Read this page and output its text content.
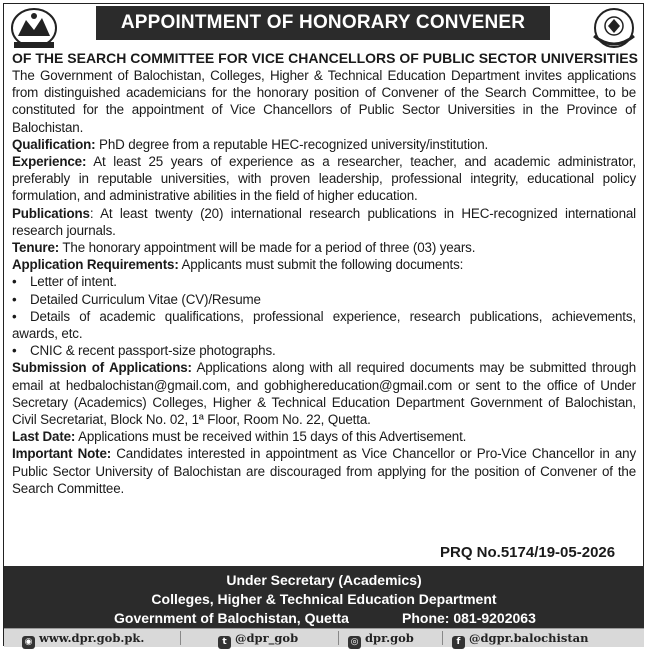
APPOINTMENT OF HONORARY CONVENER
OF THE SEARCH COMMITTEE FOR VICE CHANCELLORS OF PUBLIC SECTOR UNIVERSITIES

The Government of Balochistan, Colleges, Higher & Technical Education Department invites applications from distinguished academicians for the honorary position of Convener of the Search Committee, to be constituted for the appointment of Vice Chancellors of Public Sector Universities in the Province of Balochistan.

Qualification: PhD degree from a reputable HEC-recognized university/institution.

Experience: At least 25 years of experience as a researcher, teacher, and academic administrator, preferably in reputable universities, with proven leadership, professional integrity, educational policy formulation, and administrative abilities in the field of higher education.

Publications: At least twenty (20) international research publications in HEC-recognized international research journals.

Tenure: The honorary appointment will be made for a period of three (03) years.

Application Requirements: Applicants must submit the following documents:

• Letter of intent.

• Detailed Curriculum Vitae (CV)/Resume

• Details of academic qualifications, professional experience, research publications, achievements, awards, etc.

• CNIC & recent passport-size photographs.

Submission of Applications: Applications along with all required documents may be submitted through email at hedbalochistan@gmail.com, and gobhighereducation@gmail.com or sent to the office of Under Secretary (Academics) Colleges, Higher & Technical Education Department Government of Balochistan, Civil Secretariat, Block No. 02, 1ª Floor, Room No. 22, Quetta.

Last Date: Applications must be received within 15 days of this Advertisement.

Important Note: Candidates interested in appointment as Vice Chancellor or Pro-Vice Chancellor in any Public Sector University of Balochistan are discouraged from applying for the position of Convener of the Search Committee.

PRQ No.5174/19-05-2026
Under Secretary (Academics)
Colleges, Higher & Technical Education Department
Government of Balochistan, Quetta	Phone: 081-9202063
◉ www.dpr.gob.pk.	t @dpr_gob	◎ dpr.gob	f @dgpr.balochistan
